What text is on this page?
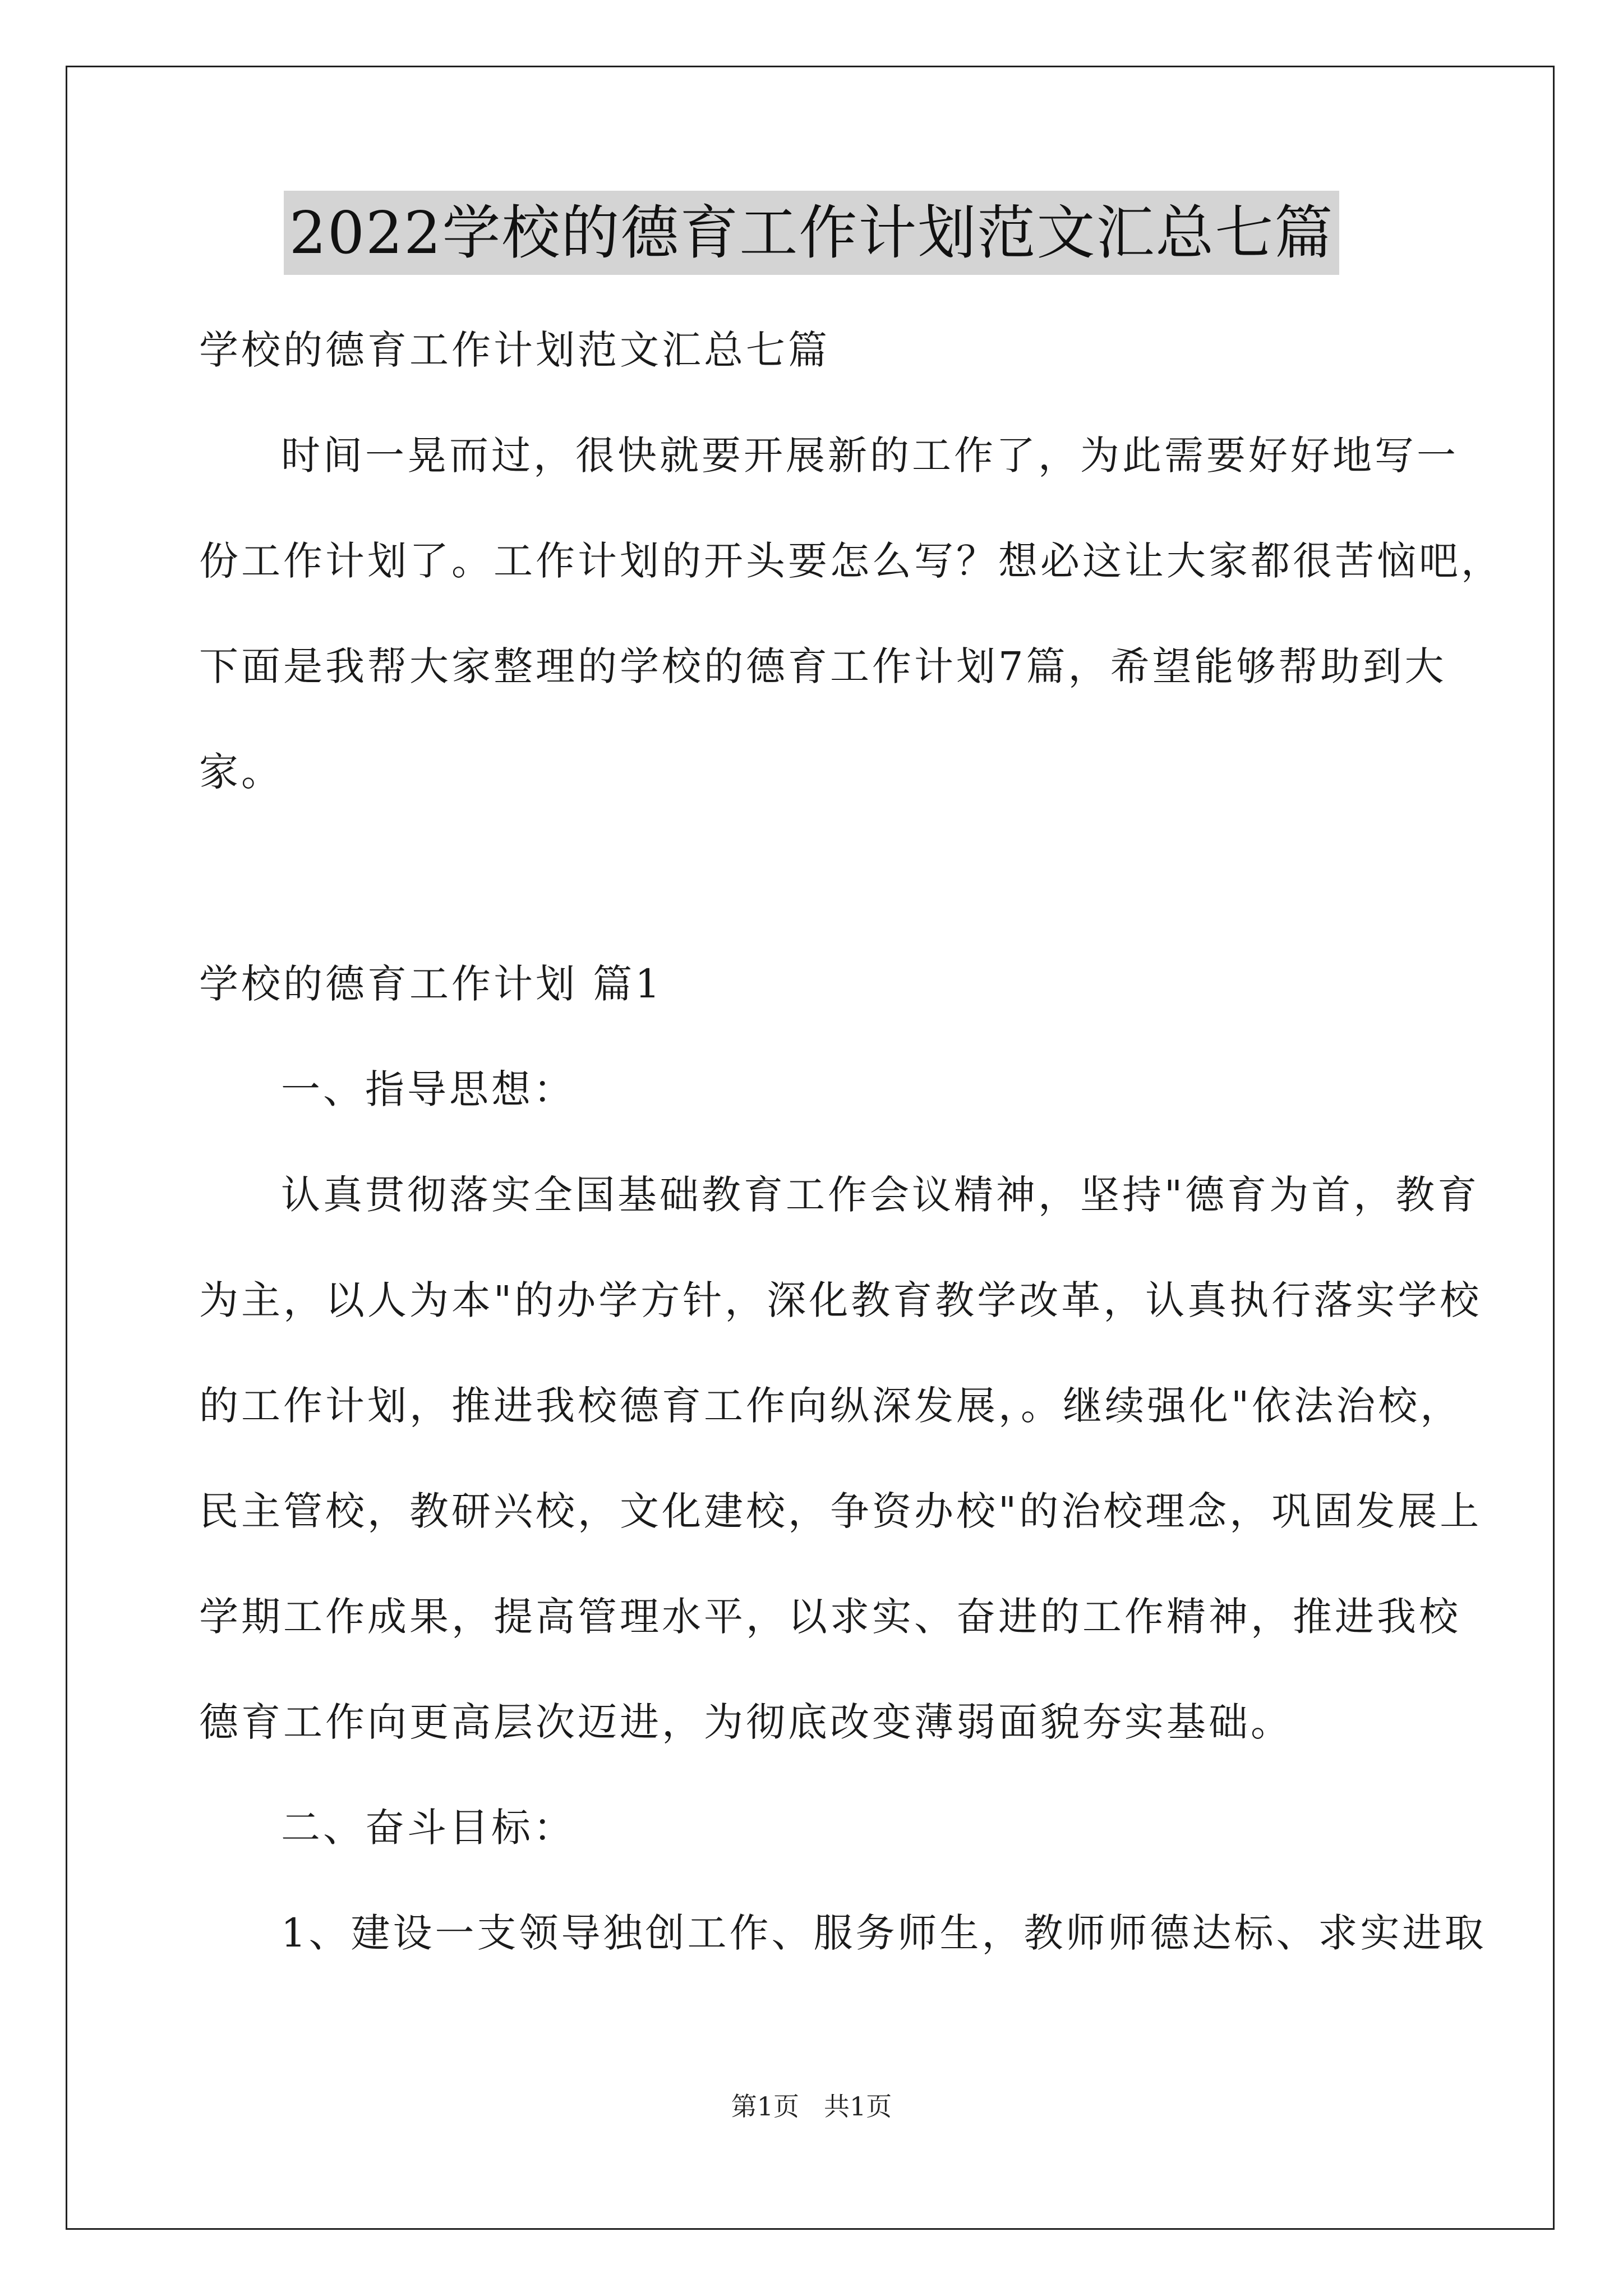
2022学校的德育工作计划范文汇总七篇

学校的德育工作计划范文汇总七篇

时间一晃而过，很快就要开展新的工作了，为此需要好好地写一

份工作计划了。工作计划的开头要怎么写？想必这让大家都很苦恼吧，

下面是我帮大家整理的学校的德育工作计划7篇，希望能够帮助到大

家。

学校的德育工作计划 篇1

一、指导思想：

认真贯彻落实全国基础教育工作会议精神，坚持"德育为首，教育

为主，以人为本"的办学方针，深化教育教学改革，认真执行落实学校

的工作计划，推进我校德育工作向纵深发展，。继续强化"依法治校，

民主管校，教研兴校，文化建校，争资办校"的治校理念，巩固发展上

学期工作成果，提高管理水平，以求实、奋进的工作精神，推进我校

德育工作向更高层次迈进，为彻底改变薄弱面貌夯实基础。

二、奋斗目标：

1、建设一支领导独创工作、服务师生，教师师德达标、求实进取

第1页 共1页
